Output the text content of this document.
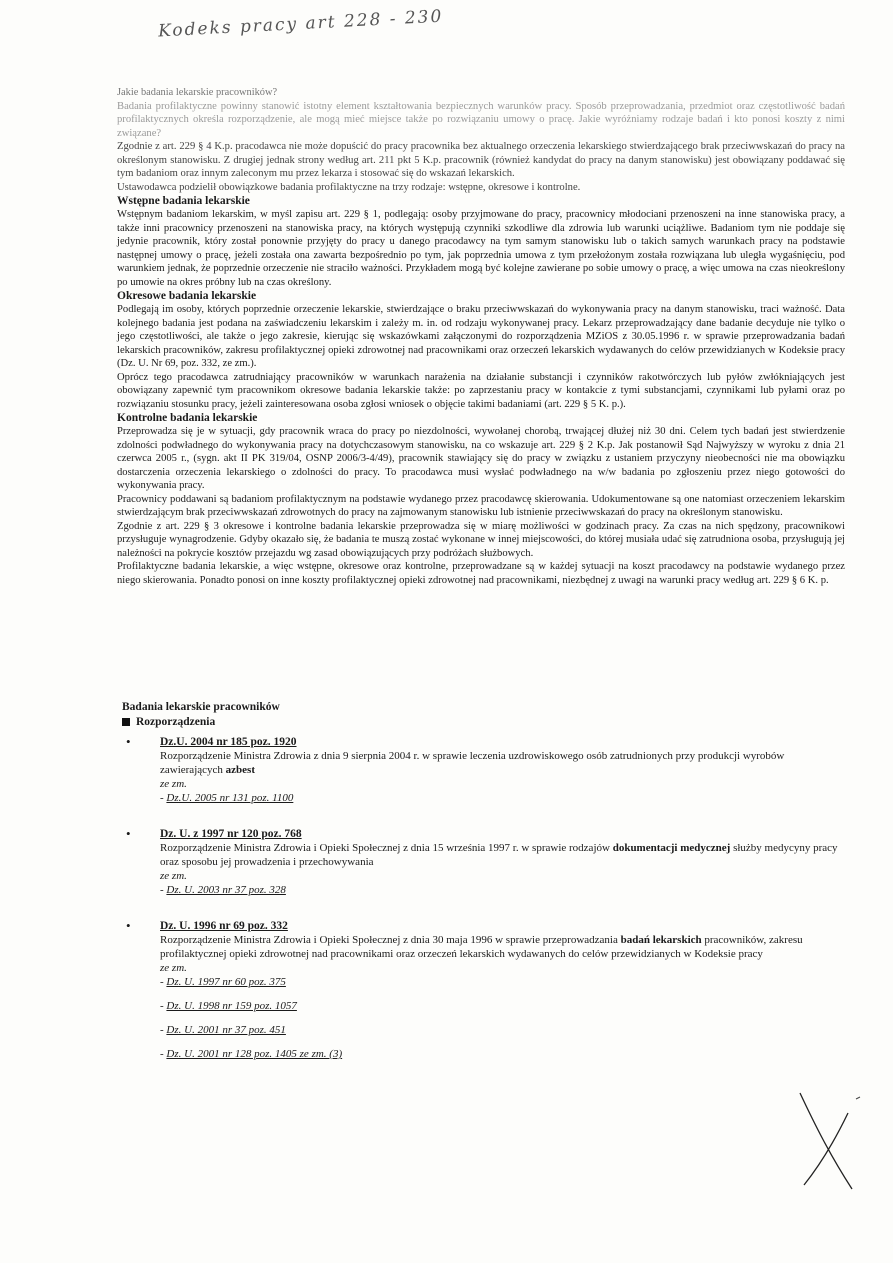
Kodeks pracy art 228 - 230

Jakie badania lekarskie pracowników?

Badania profilaktyczne powinny stanowić istotny element kształtowania bezpiecznych warunków pracy. Sposób przeprowadzania, przedmiot oraz częstotliwość badań profilaktycznych określa rozporządzenie, ale mogą mieć miejsce także po rozwiązaniu umowy o pracę. Jakie wyróżniamy rodzaje badań i kto ponosi koszty z nimi związane?

Zgodnie z art. 229 § 4 K.p. pracodawca nie może dopuścić do pracy pracownika bez aktualnego orzeczenia lekarskiego stwierdzającego brak przeciwwskazań do pracy na określonym stanowisku. Z drugiej jednak strony według art. 211 pkt 5 K.p. pracownik (również kandydat do pracy na danym stanowisku) jest obowiązany poddawać się tym badaniom oraz innym zaleconym mu przez lekarza i stosować się do wskazań lekarskich.

Ustawodawca podzielił obowiązkowe badania profilaktyczne na trzy rodzaje: wstępne, okresowe i kontrolne.

Wstępne badania lekarskie

Wstępnym badaniom lekarskim, w myśl zapisu art. 229 § 1, podlegają: osoby przyjmowane do pracy, pracownicy młodociani przenoszeni na inne stanowiska pracy, a także inni pracownicy przenoszeni na stanowiska pracy, na których występują czynniki szkodliwe dla zdrowia lub warunki uciążliwe. Badaniom tym nie poddaje się jedynie pracownik, który został ponownie przyjęty do pracy u danego pracodawcy na tym samym stanowisku lub o takich samych warunkach pracy na podstawie następnej umowy o pracę, jeżeli została ona zawarta bezpośrednio po tym, jak poprzednia umowa z tym przełożonym została rozwiązana lub uległa wygaśnięciu, pod warunkiem jednak, że poprzednie orzeczenie nie straciło ważności. Przykładem mogą być kolejne zawierane po sobie umowy o pracę, a więc umowa na czas nieokreślony po umowie na okres próbny lub na czas określony.

Okresowe badania lekarskie

Podlegają im osoby, których poprzednie orzeczenie lekarskie, stwierdzające o braku przeciwwskazań do wykonywania pracy na danym stanowisku, traci ważność. Data kolejnego badania jest podana na zaświadczeniu lekarskim i zależy m. in. od rodzaju wykonywanej pracy. Lekarz przeprowadzający dane badanie decyduje nie tylko o jego częstotliwości, ale także o jego zakresie, kierując się wskazówkami załączonymi do rozporządzenia MZiOS z 30.05.1996 r. w sprawie przeprowadzania badań lekarskich pracowników, zakresu profilaktycznej opieki zdrowotnej nad pracownikami oraz orzeczeń lekarskich wydawanych do celów przewidzianych w Kodeksie pracy (Dz. U. Nr 69, poz. 332, ze zm.).

Oprócz tego pracodawca zatrudniający pracowników w warunkach narażenia na działanie substancji i czynników rakotwórczych lub pyłów zwłókniających jest obowiązany zapewnić tym pracownikom okresowe badania lekarskie także: po zaprzestaniu pracy w kontakcie z tymi substancjami, czynnikami lub pyłami oraz po rozwiązaniu stosunku pracy, jeżeli zainteresowana osoba zgłosi wniosek o objęcie takimi badaniami (art. 229 § 5 K. p.).

Kontrolne badania lekarskie

Przeprowadza się je w sytuacji, gdy pracownik wraca do pracy po niezdolności, wywołanej chorobą, trwającej dłużej niż 30 dni. Celem tych badań jest stwierdzenie zdolności podwładnego do wykonywania pracy na dotychczasowym stanowisku, na co wskazuje art. 229 § 2 K.p. Jak postanowił Sąd Najwyższy w wyroku z dnia 21 czerwca 2005 r., (sygn. akt II PK 319/04, OSNP 2006/3-4/49), pracownik stawiający się do pracy w związku z ustaniem przyczyny nieobecności nie ma obowiązku dostarczenia orzeczenia lekarskiego o zdolności do pracy. To pracodawca musi wysłać podwładnego na w/w badania po zgłoszeniu przez niego gotowości do wykonywania pracy.

Pracownicy poddawani są badaniom profilaktycznym na podstawie wydanego przez pracodawcę skierowania. Udokumentowane są one natomiast orzeczeniem lekarskim stwierdzającym brak przeciwwskazań zdrowotnych do pracy na zajmowanym stanowisku lub istnienie przeciwwskazań do pracy na określonym stanowisku.

Zgodnie z art. 229 § 3 okresowe i kontrolne badania lekarskie przeprowadza się w miarę możliwości w godzinach pracy. Za czas na nich spędzony, pracownikowi przysługuje wynagrodzenie. Gdyby okazało się, że badania te muszą zostać wykonane w innej miejscowości, do której musiała udać się zatrudniona osoba, przysługują jej należności na pokrycie kosztów przejazdu wg zasad obowiązujących przy podróżach służbowych.

Profilaktyczne badania lekarskie, a więc wstępne, okresowe oraz kontrolne, przeprowadzane są w każdej sytuacji na koszt pracodawcy na podstawie wydanego przez niego skierowania. Ponadto ponosi on inne koszty profilaktycznej opieki zdrowotnej nad pracownikami, niezbędnej z uwagi na warunki pracy według art. 229 § 6 K. p.

Badania lekarskie pracowników

Rozporządzenia

•	Dz.U. 2004 nr 185 poz. 1920

Rozporządzenie Ministra Zdrowia z dnia 9 sierpnia 2004 r. w sprawie leczenia uzdrowiskowego osób zatrudnionych przy produkcji wyrobów zawierających azbest

ze zm.

- Dz.U. 2005 nr 131 poz. 1100

•	Dz. U. z 1997 nr 120 poz. 768

Rozporządzenie Ministra Zdrowia i Opieki Społecznej z dnia 15 września 1997 r. w sprawie rodzajów dokumentacji medycznej służby medycyny pracy oraz sposobu jej prowadzenia i przechowywania

ze zm.

- Dz. U. 2003 nr 37 poz. 328

•	Dz. U. 1996 nr 69 poz. 332

Rozporządzenie Ministra Zdrowia i Opieki Społecznej z dnia 30 maja 1996 w sprawie przeprowadzania badań lekarskich pracowników, zakresu profilaktycznej opieki zdrowotnej nad pracownikami oraz orzeczeń lekarskich wydawanych do celów przewidzianych w Kodeksie pracy

ze zm.

- Dz. U. 1997 nr 60 poz. 375

- Dz. U. 1998 nr 159 poz. 1057

- Dz. U. 2001 nr 37 poz. 451

- Dz. U. 2001 nr 128 poz. 1405 ze zm. (3)
